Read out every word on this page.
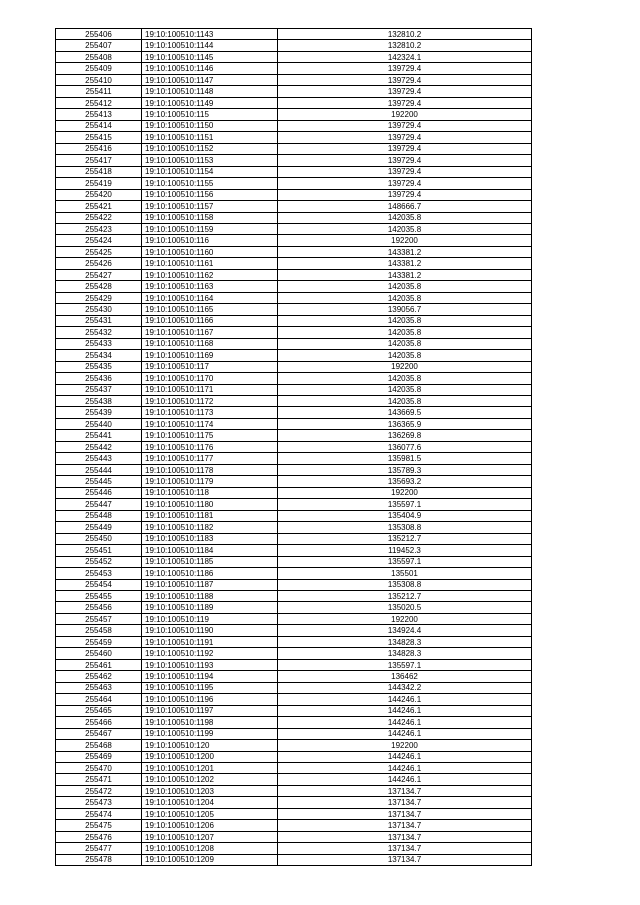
255406	19:10:100510:1143	132810.2
255407	19:10:100510:1144	132810.2
255408	19:10:100510:1145	142324.1
255409	19:10:100510:1146	139729.4
255410	19:10:100510:1147	139729.4
255411	19:10:100510:1148	139729.4
255412	19:10:100510:1149	139729.4
255413	19:10:100510:115	192200
255414	19:10:100510:1150	139729.4
255415	19:10:100510:1151	139729.4
255416	19:10:100510:1152	139729.4
255417	19:10:100510:1153	139729.4
255418	19:10:100510:1154	139729.4
255419	19:10:100510:1155	139729.4
255420	19:10:100510:1156	139729.4
255421	19:10:100510:1157	148666.7
255422	19:10:100510:1158	142035.8
255423	19:10:100510:1159	142035.8
255424	19:10:100510:116	192200
255425	19:10:100510:1160	143381.2
255426	19:10:100510:1161	143381.2
255427	19:10:100510:1162	143381.2
255428	19:10:100510:1163	142035.8
255429	19:10:100510:1164	142035.8
255430	19:10:100510:1165	139056.7
255431	19:10:100510:1166	142035.8
255432	19:10:100510:1167	142035.8
255433	19:10:100510:1168	142035.8
255434	19:10:100510:1169	142035.8
255435	19:10:100510:117	192200
255436	19:10:100510:1170	142035.8
255437	19:10:100510:1171	142035.8
255438	19:10:100510:1172	142035.8
255439	19:10:100510:1173	143669.5
255440	19:10:100510:1174	136365.9
255441	19:10:100510:1175	136269.8
255442	19:10:100510:1176	136077.6
255443	19:10:100510:1177	135981.5
255444	19:10:100510:1178	135789.3
255445	19:10:100510:1179	135693.2
255446	19:10:100510:118	192200
255447	19:10:100510:1180	135597.1
255448	19:10:100510:1181	135404.9
255449	19:10:100510:1182	135308.8
255450	19:10:100510:1183	135212.7
255451	19:10:100510:1184	119452.3
255452	19:10:100510:1185	135597.1
255453	19:10:100510:1186	135501
255454	19:10:100510:1187	135308.8
255455	19:10:100510:1188	135212.7
255456	19:10:100510:1189	135020.5
255457	19:10:100510:119	192200
255458	19:10:100510:1190	134924.4
255459	19:10:100510:1191	134828.3
255460	19:10:100510:1192	134828.3
255461	19:10:100510:1193	135597.1
255462	19:10:100510:1194	136462
255463	19:10:100510:1195	144342.2
255464	19:10:100510:1196	144246.1
255465	19:10:100510:1197	144246.1
255466	19:10:100510:1198	144246.1
255467	19:10:100510:1199	144246.1
255468	19:10:100510:120	192200
255469	19:10:100510:1200	144246.1
255470	19:10:100510:1201	144246.1
255471	19:10:100510:1202	144246.1
255472	19:10:100510:1203	137134.7
255473	19:10:100510:1204	137134.7
255474	19:10:100510:1205	137134.7
255475	19:10:100510:1206	137134.7
255476	19:10:100510:1207	137134.7
255477	19:10:100510:1208	137134.7
255478	19:10:100510:1209	137134.7
